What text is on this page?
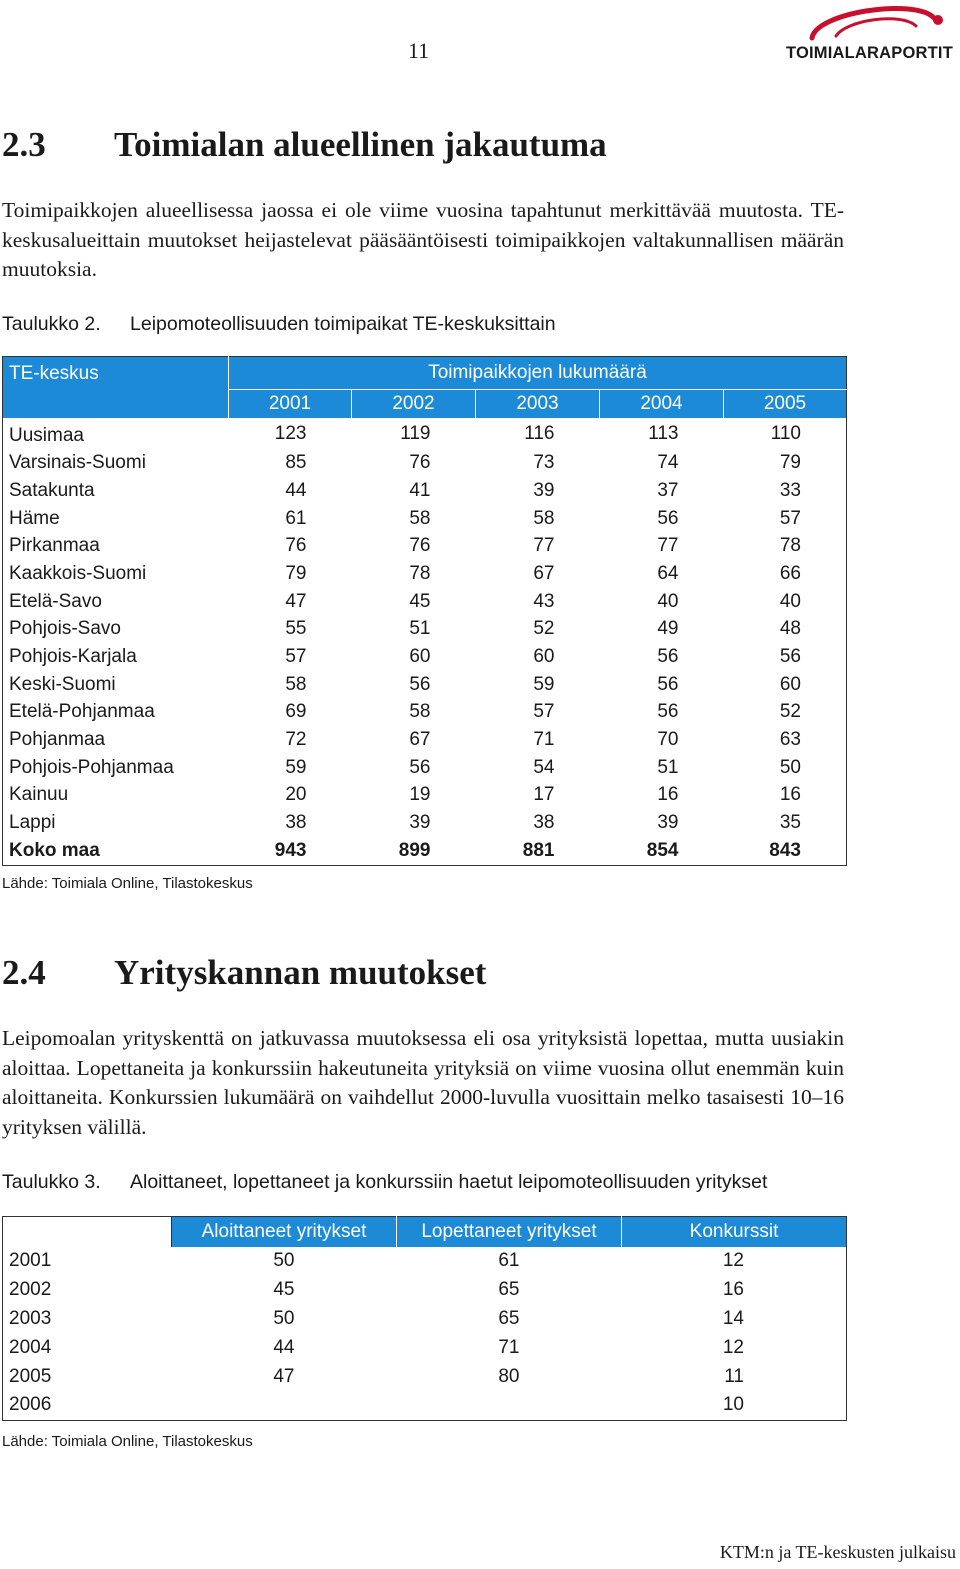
11	TOIMIALARAPORTIT
2.3 Toimialan alueellinen jakautuma

Toimipaikkojen alueellisessa jaossa ei ole viime vuosina tapahtunut merkittävää muutosta. TE-keskusalueittain muutokset heijastelevat pääsääntöisesti toimipaikkojen valtakunnallisen määrän muutoksia.

Taulukko 2. Leipomoteollisuuden toimipaikat TE-keskuksittain
TE-keskus	Toimipaikkojen lukumäärä				
	2001	2002	2003	2004	2005
Uusimaa	123	119	116	113	110
Varsinais-Suomi	85	76	73	74	79
Satakunta	44	41	39	37	33
Häme	61	58	58	56	57
Pirkanmaa	76	76	77	77	78
Kaakkois-Suomi	79	78	67	64	66
Etelä-Savo	47	45	43	40	40
Pohjois-Savo	55	51	52	49	48
Pohjois-Karjala	57	60	60	56	56
Keski-Suomi	58	56	59	56	60
Etelä-Pohjanmaa	69	58	57	56	52
Pohjanmaa	72	67	71	70	63
Pohjois-Pohjanmaa	59	56	54	51	50
Kainuu	20	19	17	16	16
Lappi	38	39	38	39	35
Koko maa	943	899	881	854	843
Lähde: Toimiala Online, Tilastokeskus
2.4 Yrityskannan muutokset

Leipomoalan yrityskenttä on jatkuvassa muutoksessa eli osa yrityksistä lopettaa, mutta uusiakin aloittaa. Lopettaneita ja konkurssiin hakeutuneita yrityksiä on viime vuosina ollut enemmän kuin aloittaneita. Konkurssien lukumäärä on vaihdellut 2000-luvulla vuosittain melko tasaisesti 10–16 yrityksen välillä.

Taulukko 3. Aloittaneet, lopettaneet ja konkurssiin haetut leipomoteollisuuden yritykset
	Aloittaneet yritykset	Lopettaneet yritykset	Konkurssit
2001	50	61	12
2002	45	65	16
2003	50	65	14
2004	44	71	12
2005	47	80	11
2006			10
Lähde: Toimiala Online, Tilastokeskus
KTM:n ja TE-keskusten julkaisu
